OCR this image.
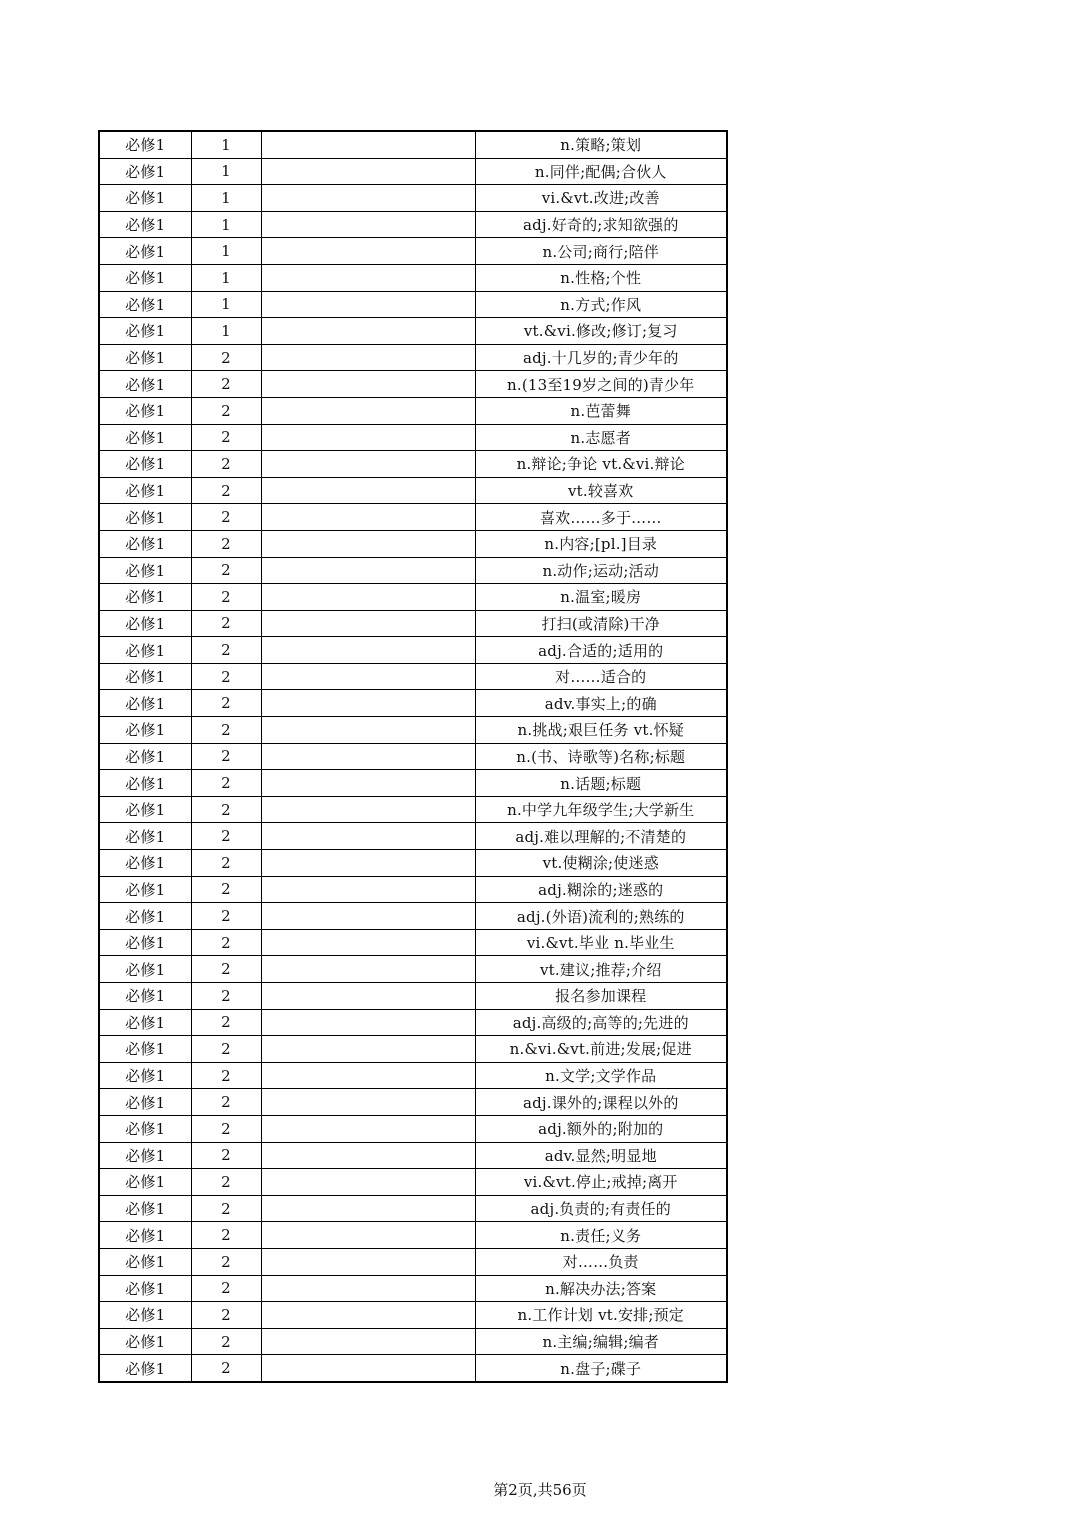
必修1	1		n.策略;策划
必修1	1		n.同伴;配偶;合伙人
必修1	1		vi.&vt.改进;改善
必修1	1		adj.好奇的;求知欲强的
必修1	1		n.公司;商行;陪伴
必修1	1		n.性格;个性
必修1	1		n.方式;作风
必修1	1		vt.&vi.修改;修订;复习
必修1	2		adj.十几岁的;青少年的
必修1	2		n.(13至19岁之间的)青少年
必修1	2		n.芭蕾舞
必修1	2		n.志愿者
必修1	2		n.辩论;争论 vt.&vi.辩论
必修1	2		vt.较喜欢
必修1	2		喜欢……多于……
必修1	2		n.内容;[pl.]目录
必修1	2		n.动作;运动;活动
必修1	2		n.温室;暖房
必修1	2		打扫(或清除)干净
必修1	2		adj.合适的;适用的
必修1	2		对……适合的
必修1	2		adv.事实上;的确
必修1	2		n.挑战;艰巨任务 vt.怀疑
必修1	2		n.(书、诗歌等)名称;标题
必修1	2		n.话题;标题
必修1	2		n.中学九年级学生;大学新生
必修1	2		adj.难以理解的;不清楚的
必修1	2		vt.使糊涂;使迷惑
必修1	2		adj.糊涂的;迷惑的
必修1	2		adj.(外语)流利的;熟练的
必修1	2		vi.&vt.毕业 n.毕业生
必修1	2		vt.建议;推荐;介绍
必修1	2		报名参加课程
必修1	2		adj.高级的;高等的;先进的
必修1	2		n.&vi.&vt.前进;发展;促进
必修1	2		n.文学;文学作品
必修1	2		adj.课外的;课程以外的
必修1	2		adj.额外的;附加的
必修1	2		adv.显然;明显地
必修1	2		vi.&vt.停止;戒掉;离开
必修1	2		adj.负责的;有责任的
必修1	2		n.责任;义务
必修1	2		对……负责
必修1	2		n.解决办法;答案
必修1	2		n.工作计划 vt.安排;预定
必修1	2		n.主编;编辑;编者
必修1	2		n.盘子;碟子
第2页,共56页
